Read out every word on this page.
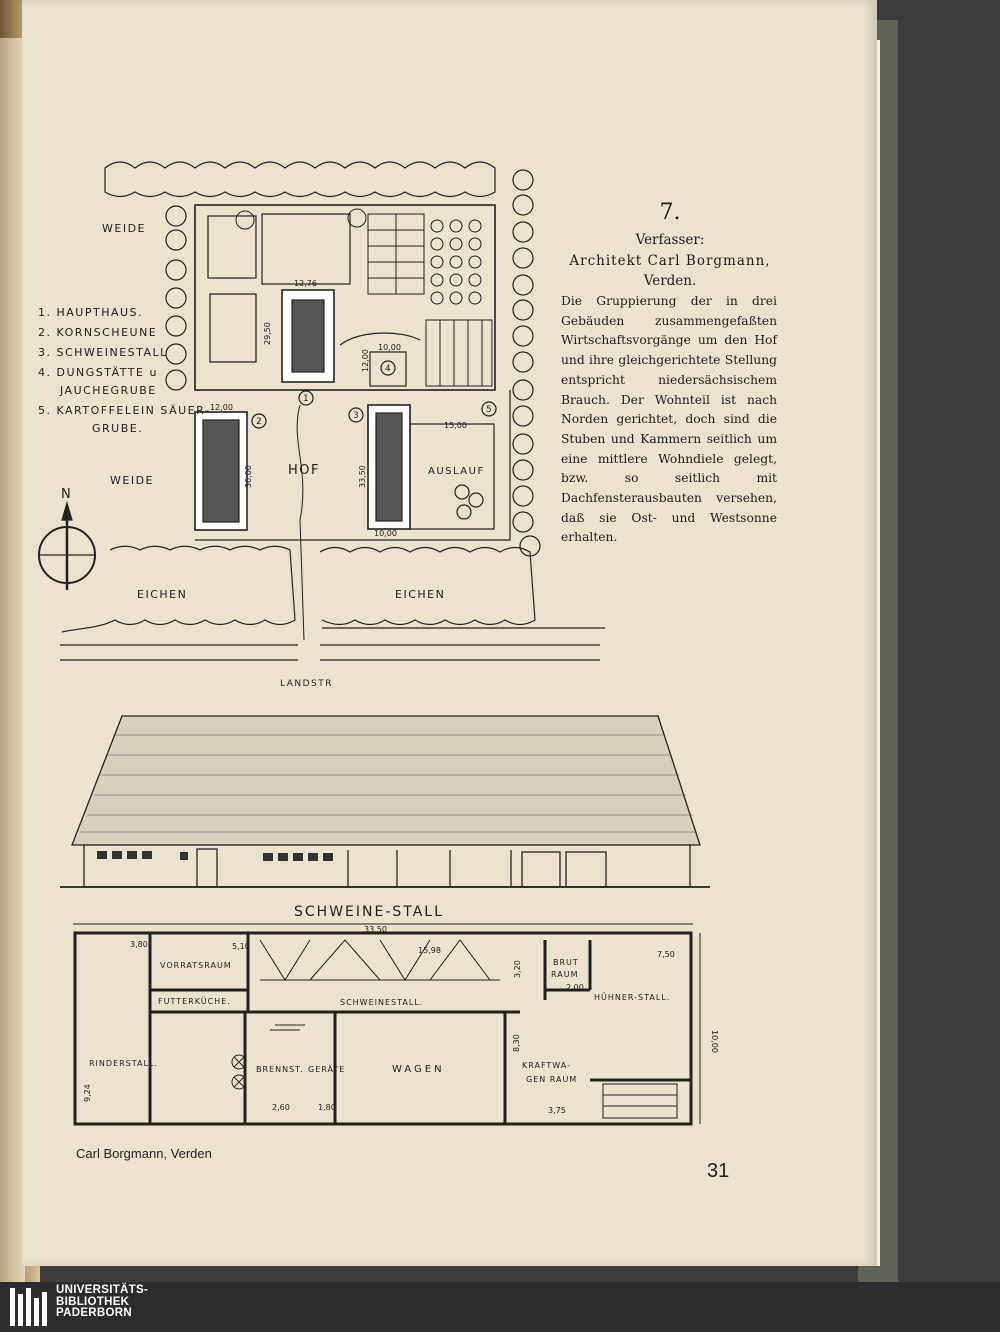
WEIDE
WEIDE
HOF	AUSLAUF
EICHEN	EICHEN
LANDSTR
N
1. HAUPTHAUS.
2. KORNSCHEUNE
3. SCHWEINESTALL
4. DUNGSTÄTTE u
JAUCHEGRUBE
5. KARTOFFELEIN SÄUER-
GRUBE.
12,76
29,50
12,00
30,00	33,50
10,00
15,00
10,00
12,00
1
2
3
4
5
SCHWEINE-STALL
VORRATSRAUM
FUTTERKÜCHE.	SCHWEINESTALL.
BRUT
RAUM
HÜHNER-STALL.
RINDERSTALL.
BRENNST. GERÄTE	WAGEN	KRAFTWA-
GEN RAUM
33,50
10,00
3,80	5,10	15,98	7,50
2,00
2,60	1,80	3,75
3,20
8,30
9,24
7.
Verfasser:
Architekt Carl Borgmann,
Verden.
Die Gruppierung der in drei Gebäuden zusammengefaßten Wirtschaftsvorgänge um den Hof und ihre gleichgerichtete Stellung entspricht niedersächsischem Brauch. Der Wohnteil ist nach Norden gerichtet, doch sind die Stuben und Kammern seitlich um eine mittlere Wohndiele gelegt, bzw. so seitlich mit Dachfensterausbauten versehen, daß sie Ost- und Westsonne erhalten.
Carl Borgmann, Verden
31
UNIVERSITÄTS-
BIBLIOTHEK
PADERBORN
